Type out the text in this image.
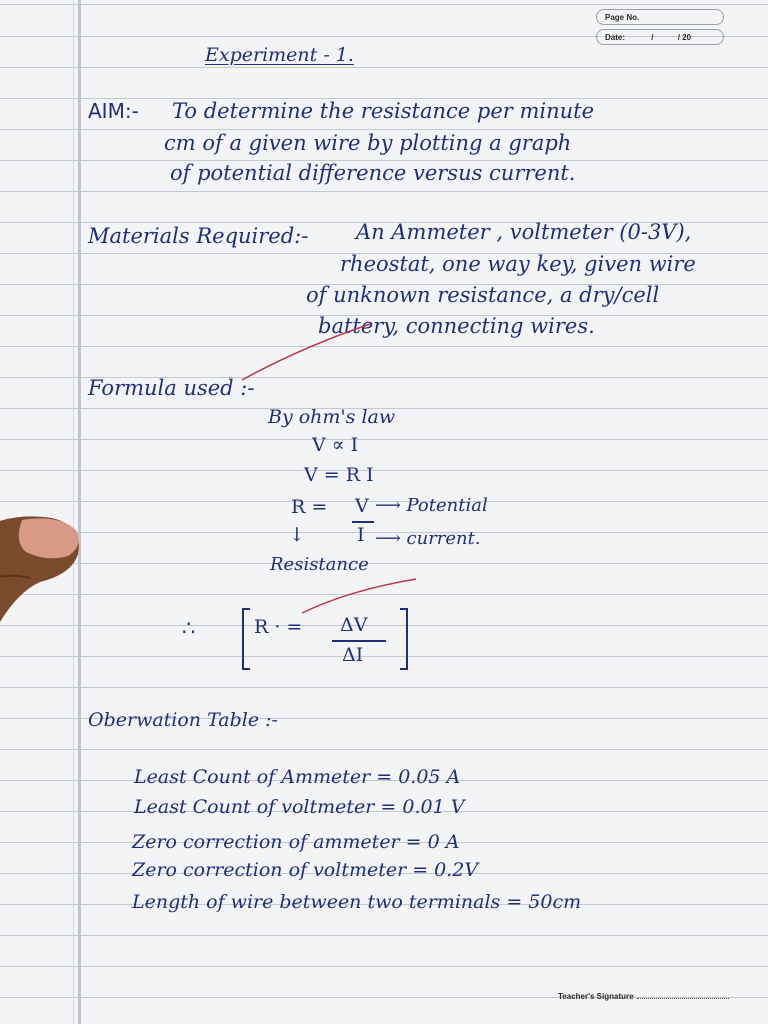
Page No.
Date:	/	/ 20
Experiment - 1.
AIM:- To determine the resistance per minute
cm of a given wire by plotting a graph
of potential difference versus current.
Materials Required:- An Ammeter , voltmeter (0-3V),
rheostat, one way key, given wire
of unknown resistance, a dry/cell
battery, connecting wires.
Formula used :-
By ohm's law
V ∝ I
V = R I
R = V ⟶ Potential
I ⟶ current.
↓
Resistance
∴	R · = ΔV
ΔI
Oberwation Table :-
Least Count of Ammeter = 0.05 A
Least Count of voltmeter = 0.01 V
Zero correction of ammeter = 0 A
Zero correction of voltmeter = 0.2V
Length of wire between two terminals = 50cm
Teacher's Signature
